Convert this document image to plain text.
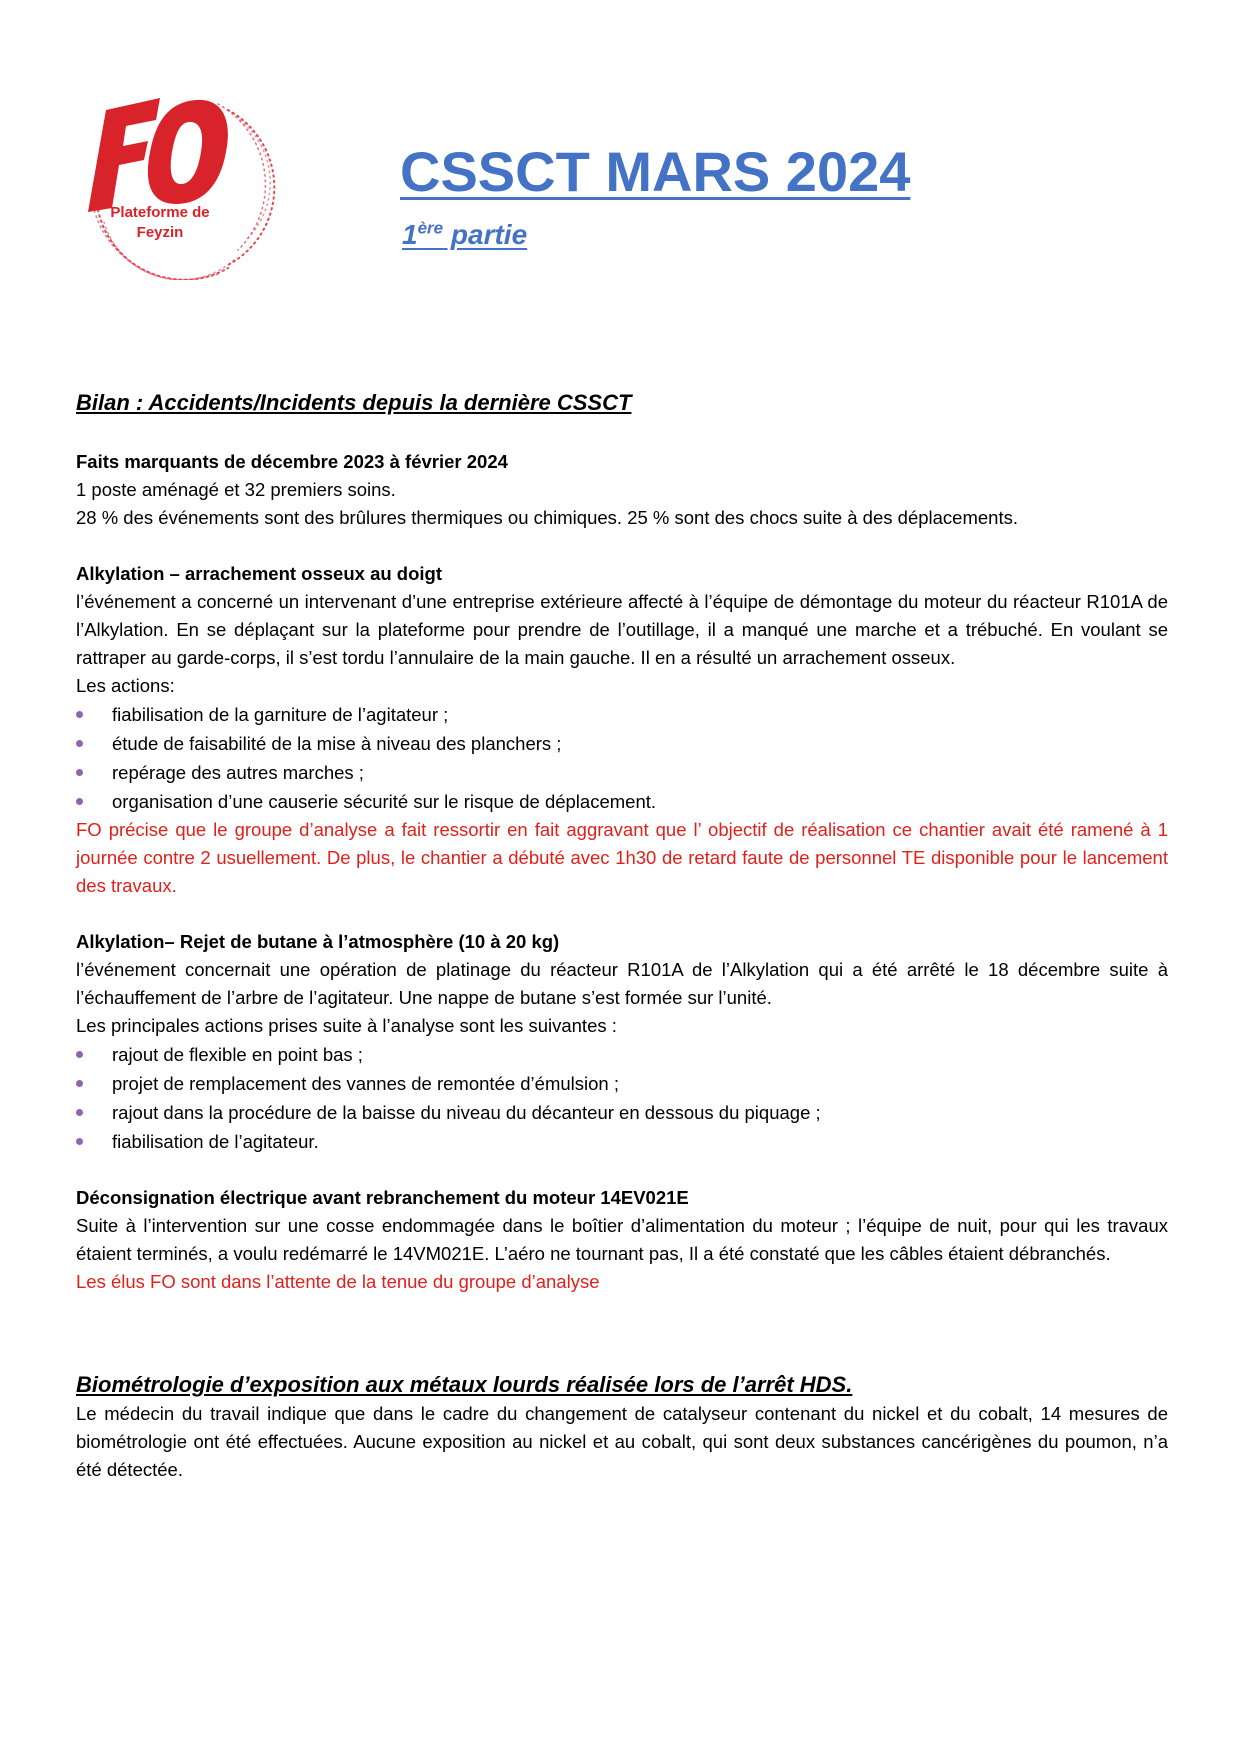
Plateforme de
Feyzin
CSSCT MARS 2024
1ère partie
Bilan : Accidents/Incidents depuis la dernière CSSCT

Faits marquants de décembre 2023 à février 2024

1 poste aménagé et 32 premiers soins.

28 % des événements sont des brûlures thermiques ou chimiques. 25 % sont des chocs suite à des déplacements.

Alkylation – arrachement osseux au doigt

l’événement a concerné un intervenant d’une entreprise extérieure affecté à l’équipe de démontage du moteur du réacteur R101A de l’Alkylation. En se déplaçant sur la plateforme pour prendre de l’outillage, il a manqué une marche et a trébuché. En voulant se rattraper au garde-corps, il s’est tordu l’annulaire de la main gauche. Il en a résulté un arrachement osseux.

Les actions:

fiabilisation de la garniture de l’agitateur ;
étude de faisabilité de la mise à niveau des planchers ;
repérage des autres marches ;
organisation d’une causerie sécurité sur le risque de déplacement.

FO précise que le groupe d’analyse a fait ressortir en fait aggravant que l’ objectif de réalisation ce chantier avait été ramené à 1 journée contre 2 usuellement. De plus, le chantier a débuté avec 1h30 de retard faute de personnel TE disponible pour le lancement des travaux.

Alkylation– Rejet de butane à l’atmosphère (10 à 20 kg)

l’événement concernait une opération de platinage du réacteur R101A de l’Alkylation qui a été arrêté le 18 décembre suite à l’échauffement de l’arbre de l’agitateur. Une nappe de butane s’est formée sur l’unité.

Les principales actions prises suite à l’analyse sont les suivantes :

rajout de flexible en point bas ;
projet de remplacement des vannes de remontée d’émulsion ;
rajout dans la procédure de la baisse du niveau du décanteur en dessous du piquage ;
fiabilisation de l’agitateur.

Déconsignation électrique avant rebranchement du moteur 14EV021E

Suite à l’intervention sur une cosse endommagée dans le boîtier d’alimentation du moteur ; l’équipe de nuit, pour qui les travaux étaient terminés, a voulu redémarré le 14VM021E. L’aéro ne tournant pas, Il a été constaté que les câbles étaient débranchés.

Les élus FO sont dans l’attente de la tenue du groupe d’analyse

Biométrologie d’exposition aux métaux lourds réalisée lors de l’arrêt HDS.

Le médecin du travail indique que dans le cadre du changement de catalyseur contenant du nickel et du cobalt, 14 mesures de biométrologie ont été effectuées. Aucune exposition au nickel et au cobalt, qui sont deux substances cancérigènes du poumon, n’a été détectée.
